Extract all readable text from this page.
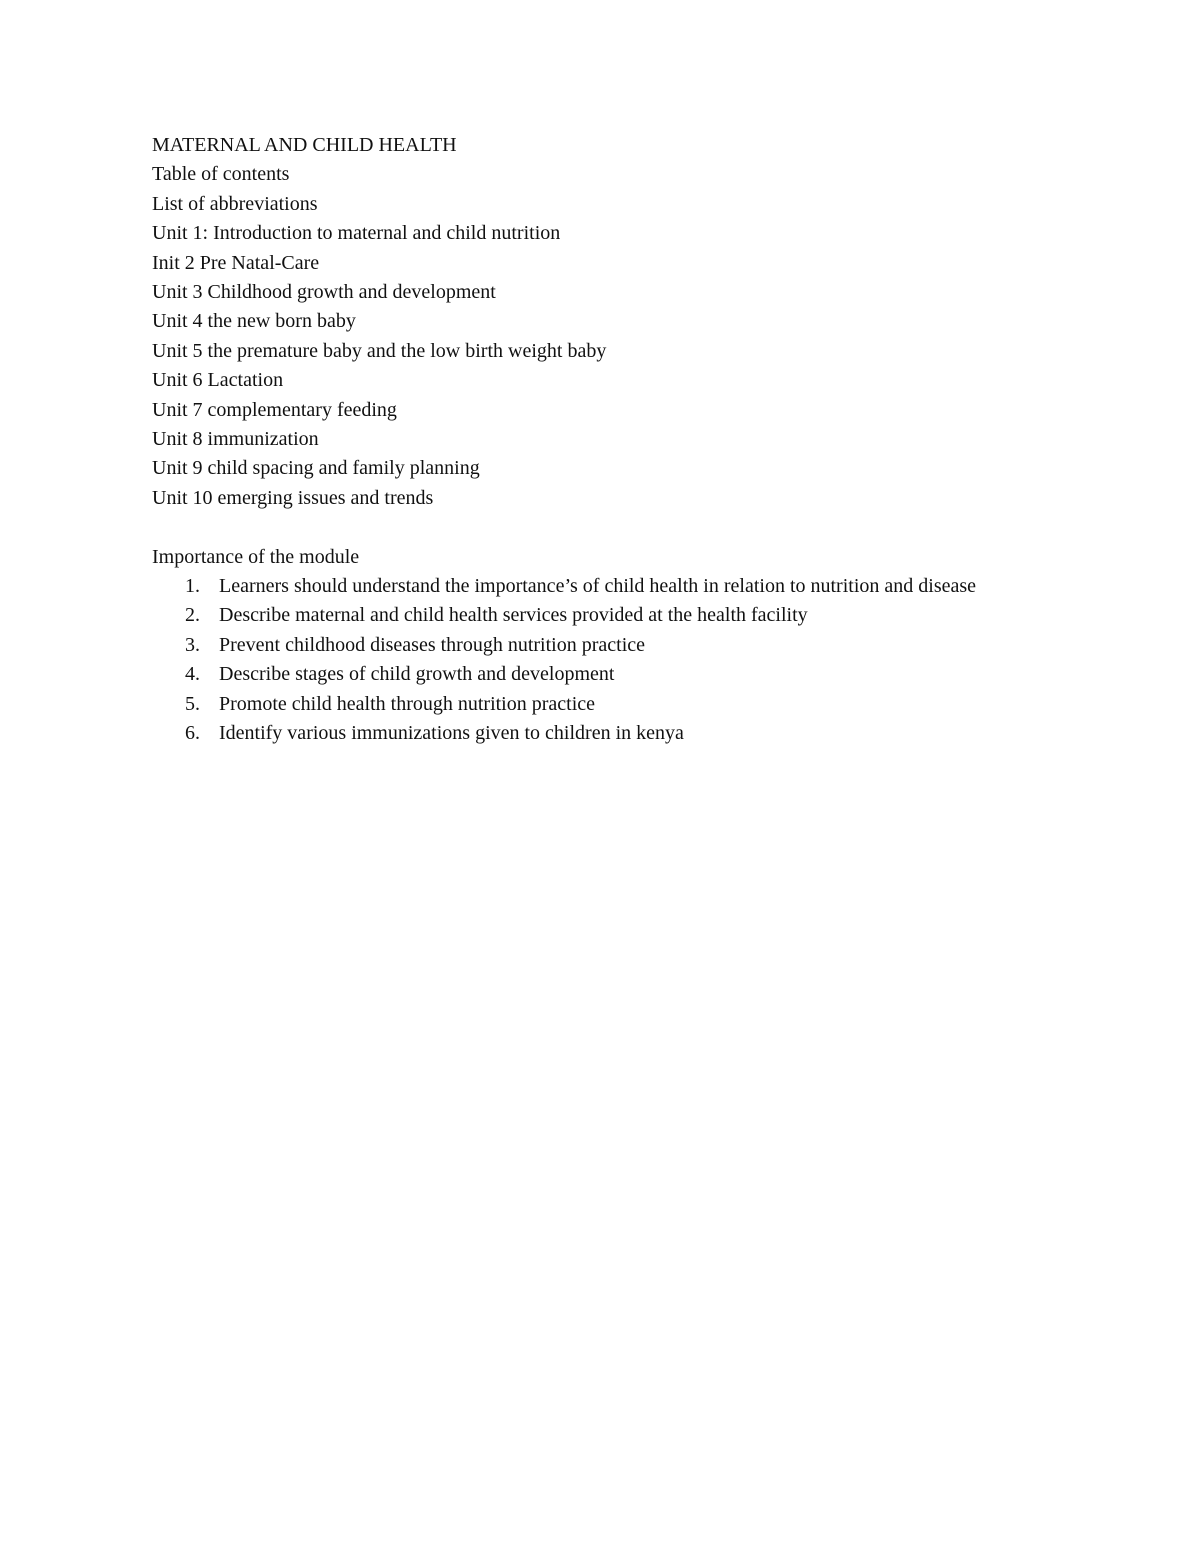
MATERNAL AND CHILD HEALTH

Table of contents

List of abbreviations

Unit 1: Introduction to maternal and child nutrition

Init 2 Pre Natal-Care

Unit 3 Childhood growth and development

Unit 4 the new born baby

Unit 5 the premature baby and the low birth weight baby

Unit 6 Lactation

Unit 7 complementary feeding

Unit 8 immunization

Unit 9 child spacing and family planning

Unit 10 emerging issues and trends

Importance of the module

1. Learners should understand the importance’s of child health in relation to nutrition and disease
2. Describe maternal and child health services provided at the health facility
3. Prevent childhood diseases through nutrition practice
4. Describe stages of child growth and development
5. Promote child health through nutrition practice
6. Identify various immunizations given to children in kenya
